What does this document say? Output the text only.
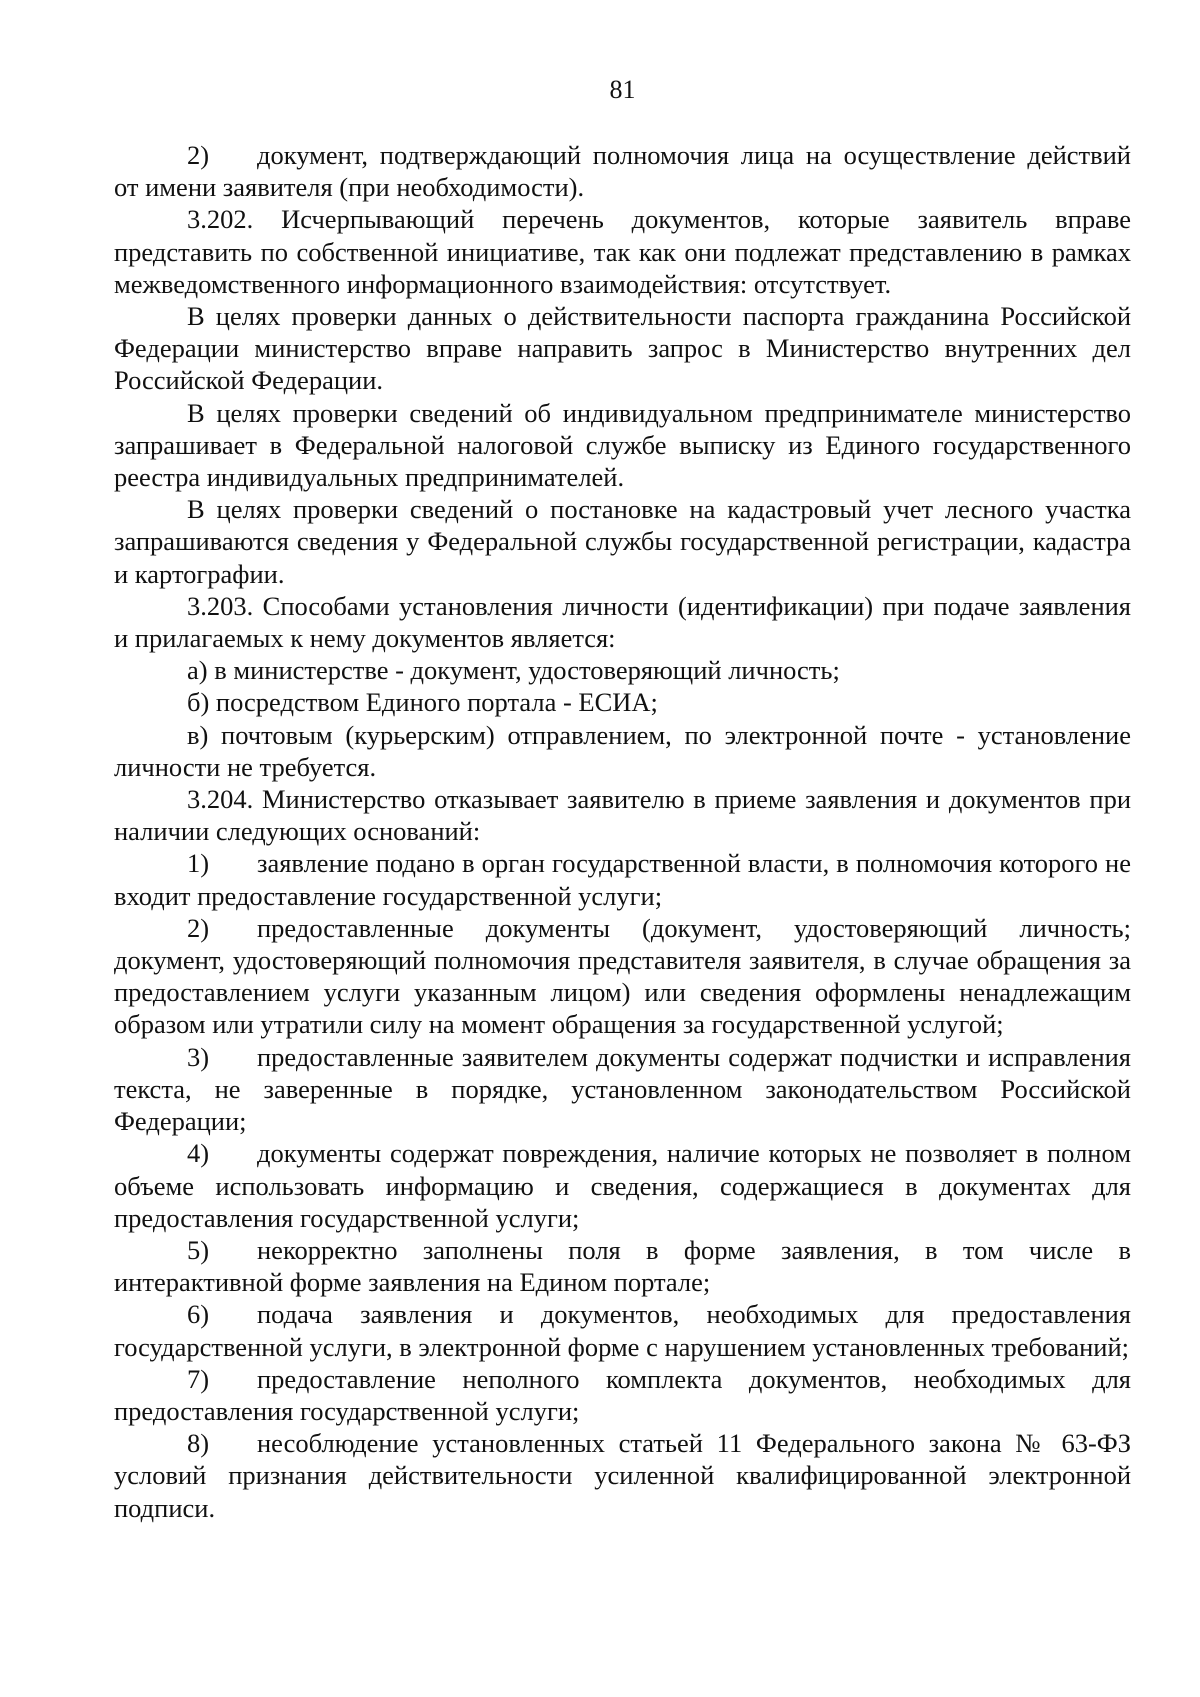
81

2) документ, подтверждающий полномочия лица на осуществление действий от имени заявителя (при необходимости).

3.202. Исчерпывающий перечень документов, которые заявитель вправе представить по собственной инициативе, так как они подлежат представлению в рамках межведомственного информационного взаимодействия: отсутствует.

В целях проверки данных о действительности паспорта гражданина Российской Федерации министерство вправе направить запрос в Министерство внутренних дел Российской Федерации.

В целях проверки сведений об индивидуальном предпринимателе министерство запрашивает в Федеральной налоговой службе выписку из Единого государственного реестра индивидуальных предпринимателей.

В целях проверки сведений о постановке на кадастровый учет лесного участка запрашиваются сведения у Федеральной службы государственной регистрации, кадастра и картографии.

3.203. Способами установления личности (идентификации) при подаче заявления и прилагаемых к нему документов является:

а) в министерстве - документ, удостоверяющий личность;

б) посредством Единого портала - ЕСИА;

в) почтовым (курьерским) отправлением, по электронной почте - установление личности не требуется.

3.204. Министерство отказывает заявителю в приеме заявления и документов при наличии следующих оснований:

1) заявление подано в орган государственной власти, в полномочия которого не входит предоставление государственной услуги;

2) предоставленные документы (документ, удостоверяющий личность; документ, удостоверяющий полномочия представителя заявителя, в случае обращения за предоставлением услуги указанным лицом) или сведения оформлены ненадлежащим образом или утратили силу на момент обращения за государственной услугой;

3) предоставленные заявителем документы содержат подчистки и исправления текста, не заверенные в порядке, установленном законодательством Российской Федерации;

4) документы содержат повреждения, наличие которых не позволяет в полном объеме использовать информацию и сведения, содержащиеся в документах для предоставления государственной услуги;

5) некорректно заполнены поля в форме заявления, в том числе в интерактивной форме заявления на Едином портале;

6) подача заявления и документов, необходимых для предоставления государственной услуги, в электронной форме с нарушением установленных требований;

7) предоставление неполного комплекта документов, необходимых для предоставления государственной услуги;

8) несоблюдение установленных статьей 11 Федерального закона № 63-ФЗ условий признания действительности усиленной квалифицированной электронной подписи.
